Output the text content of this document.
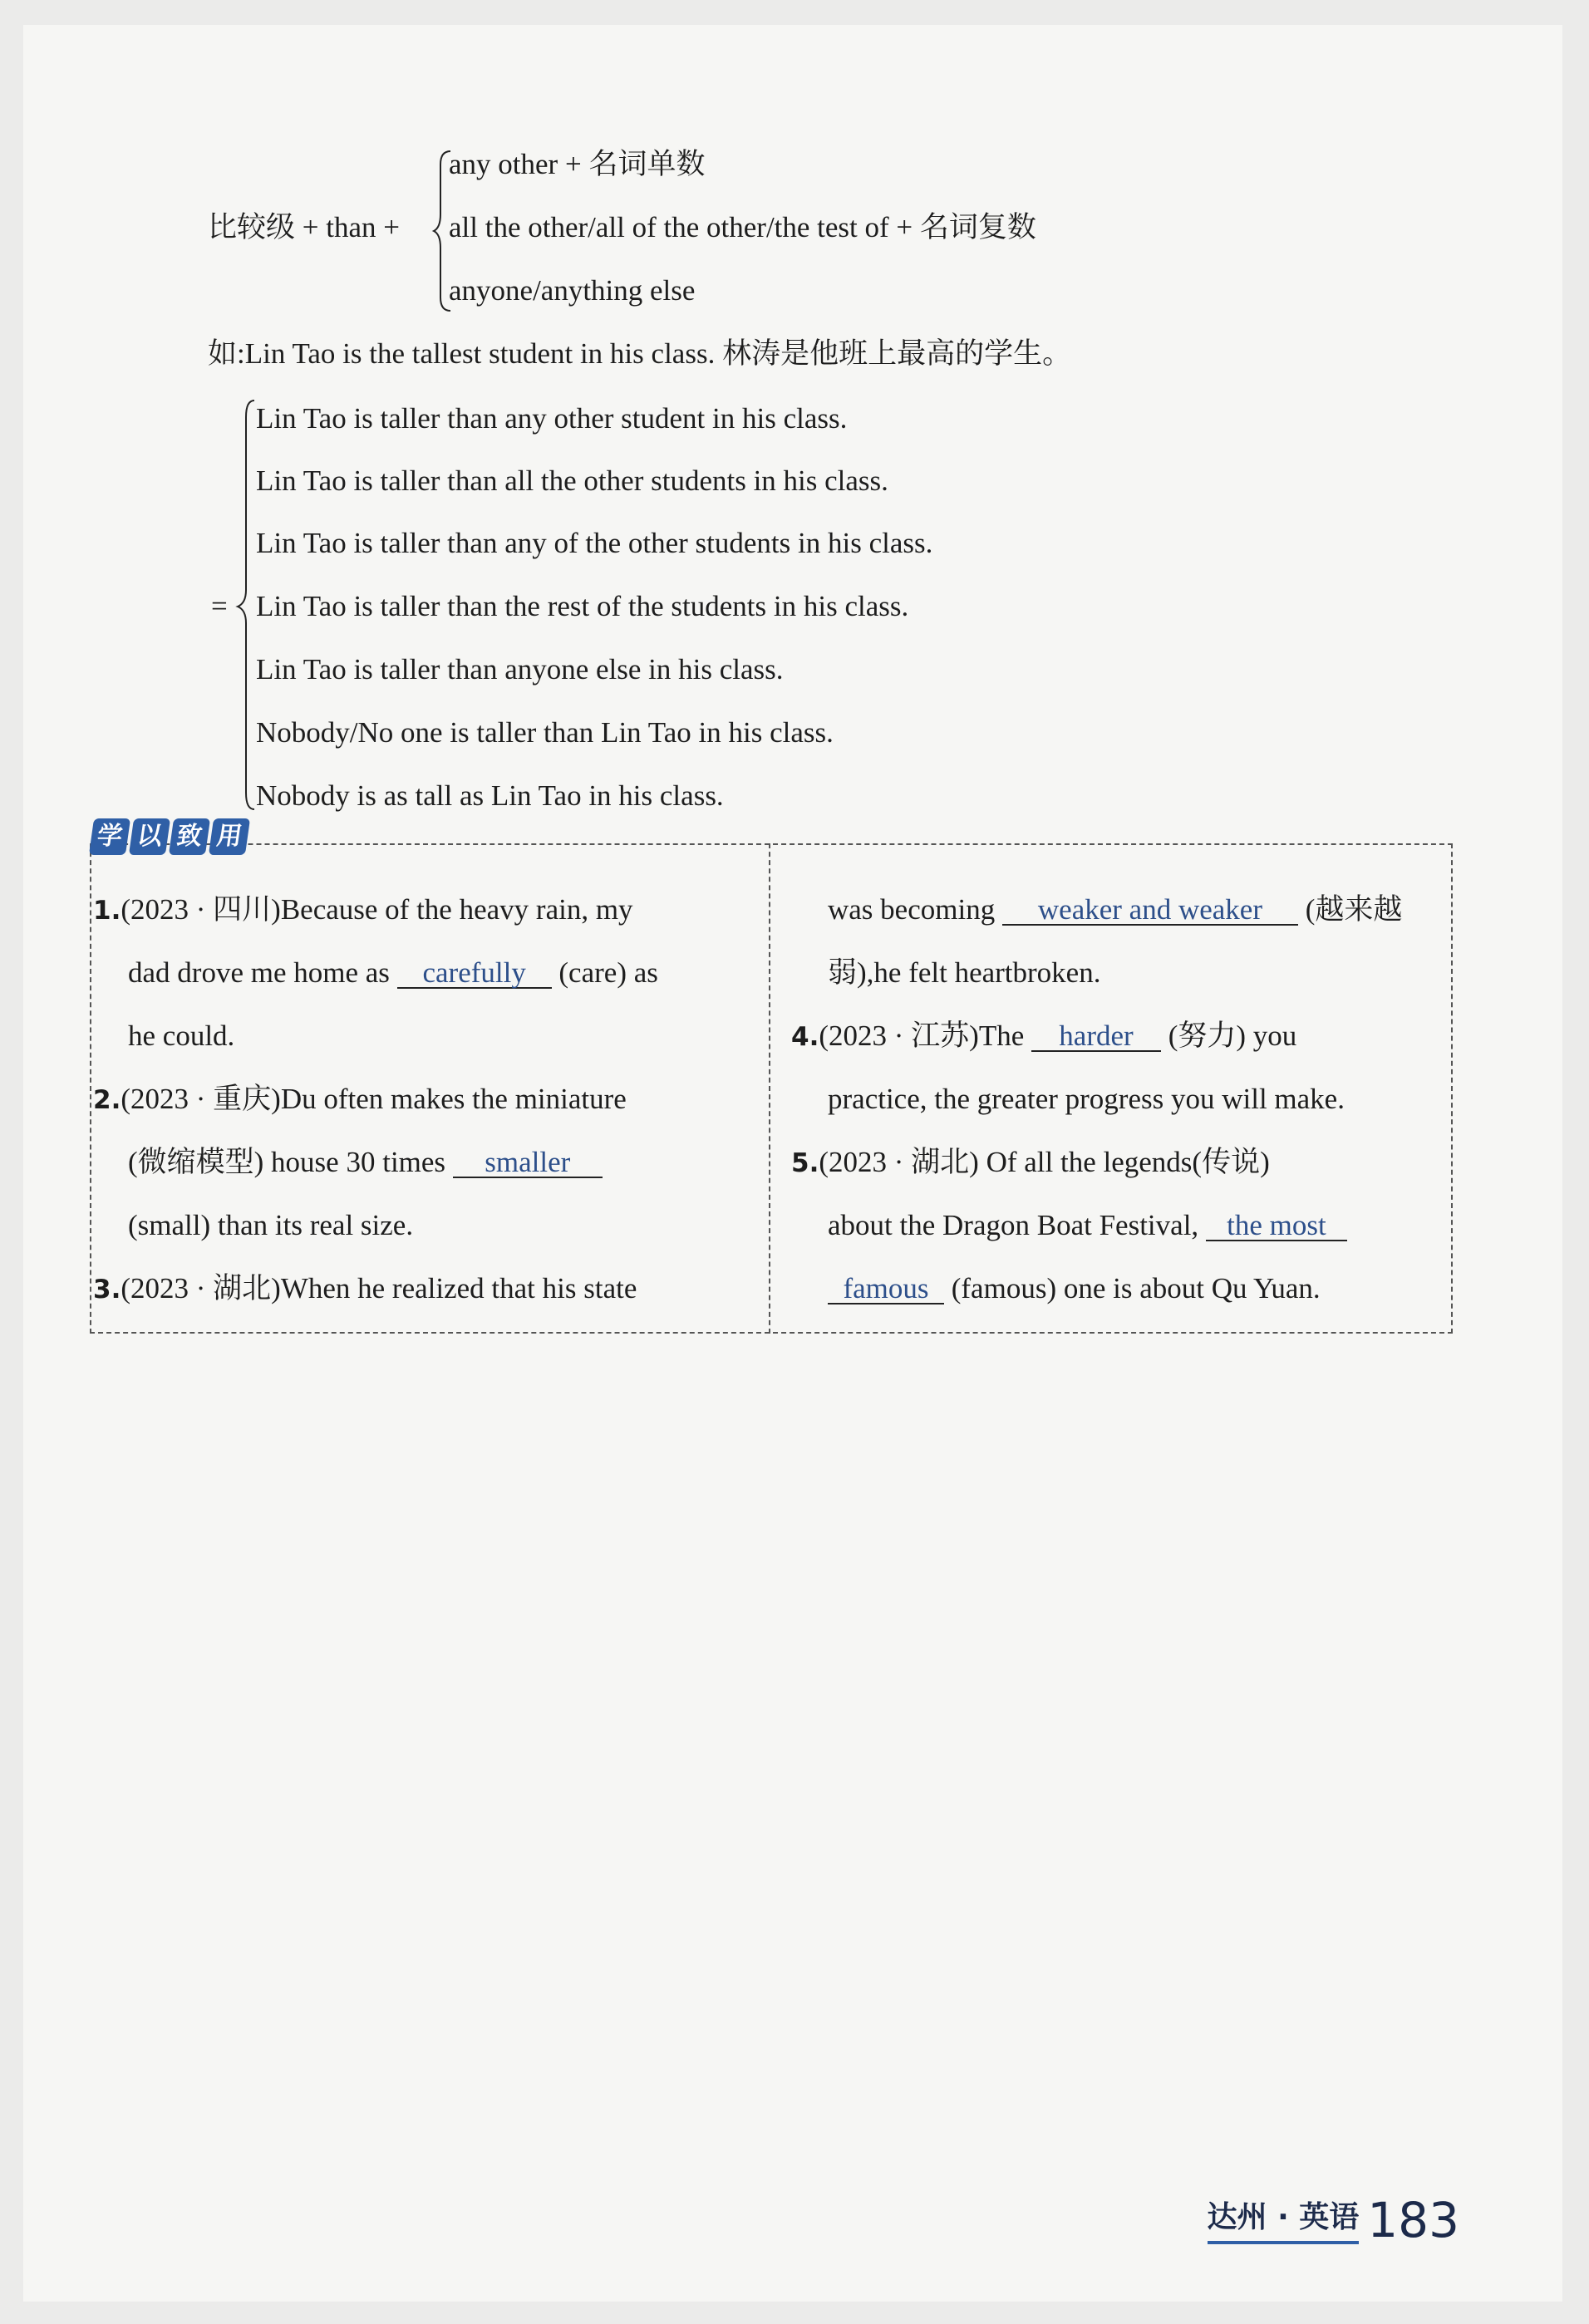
比较级 + than +
any other + 名词单数
all the other/all of the other/the test of + 名词复数
anyone/anything else
如:Lin Tao is the tallest student in his class. 林涛是他班上最高的学生。
=
Lin Tao is taller than any other student in his class.
Lin Tao is taller than all the other students in his class.
Lin Tao is taller than any of the other students in his class.
Lin Tao is taller than the rest of the students in his class.
Lin Tao is taller than anyone else in his class.
Nobody/No one is taller than Lin Tao in his class.
Nobody is as tall as Lin Tao in his class.
学 以 致 用
1.(2023 · 四川)Because of the heavy rain, my
dad drove me home as carefully (care) as
he could.
2.(2023 · 重庆)Du often makes the miniature
(微缩模型) house 30 times smaller
(small) than its real size.
3.(2023 · 湖北)When he realized that his state
was becoming weaker and weaker (越来越
弱),he felt heartbroken.
4.(2023 · 江苏)The harder (努力) you
practice, the greater progress you will make.
5.(2023 · 湖北) Of all the legends(传说)
about the Dragon Boat Festival, the most
famous (famous) one is about Qu Yuan.
达州 · 英语 183
